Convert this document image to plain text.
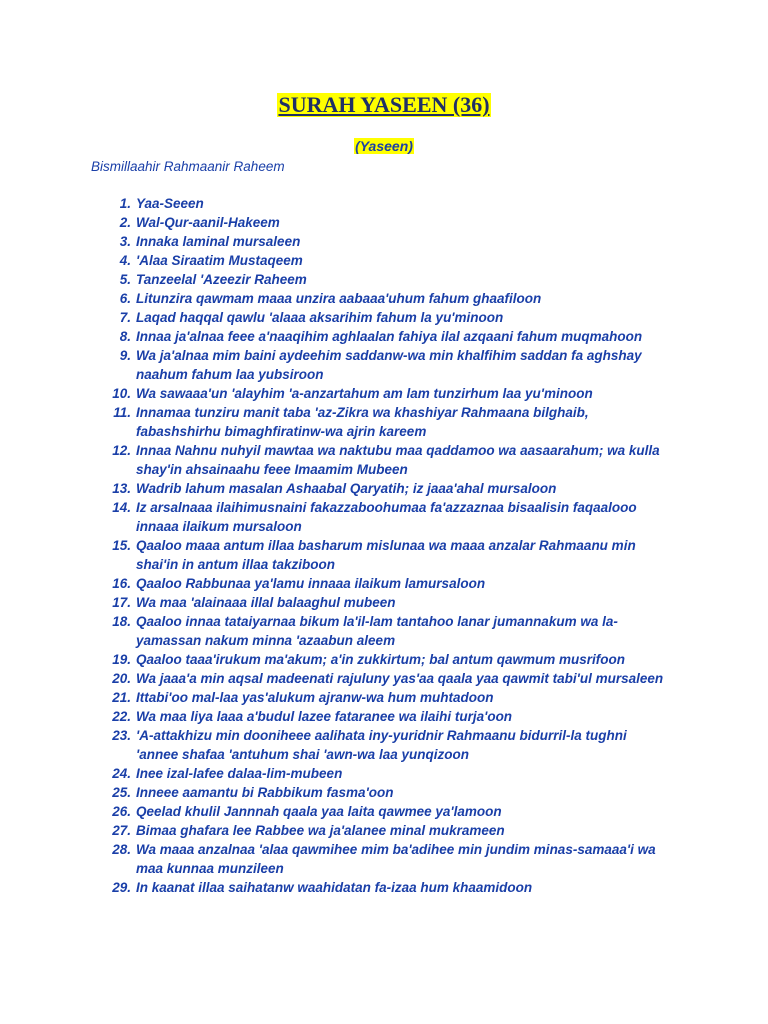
SURAH YASEEN (36)
(Yaseen)
Bismillaahir Rahmaanir Raheem
1. Yaa-Seeen
2. Wal-Qur-aanil-Hakeem
3. Innaka laminal mursaleen
4. 'Alaa Siraatim Mustaqeem
5. Tanzeelal 'Azeezir Raheem
6. Litunzira qawmam maaa unzira aabaaa'uhum fahum ghaafiloon
7. Laqad haqqal qawlu 'alaaa aksarihim fahum la yu'minoon
8. Innaa ja'alnaa feee a'naaqihim aghlaalan fahiya ilal azqaani fahum muqmahoon
9. Wa ja'alnaa mim baini aydeehim saddanw-wa min khalfihim saddan fa aghshay naahum fahum laa yubsiroon
10. Wa sawaaa'un 'alayhim 'a-anzartahum am lam tunzirhum laa yu'minoon
11. Innamaa tunziru manit taba 'az-Zikra wa khashiyar Rahmaana bilghaib, fabashshirhu bimaghfiratinw-wa ajrin kareem
12. Innaa Nahnu nuhyil mawtaa wa naktubu maa qaddamoo wa aasaarahum; wa kulla shay'in ahsainaahu feee Imaamim Mubeen
13. Wadrib lahum masalan Ashaabal Qaryatih; iz jaaa'ahal mursaloon
14. Iz arsalnaaa ilaihimusnaini fakazzaboohumaa fa'azzaznaa bisaalisin faqaalooo innaaa ilaikum mursaloon
15. Qaaloo maaa antum illaa basharum mislunaa wa maaa anzalar Rahmaanu min shai'in in antum illaa takziboon
16. Qaaloo Rabbunaa ya'lamu innaaa ilaikum lamursaloon
17. Wa maa 'alainaaa illal balaaghul mubeen
18. Qaaloo innaa tataiyarnaa bikum la'il-lam tantahoo lanar jumannakum wa la-yamassan nakum minna 'azaabun aleem
19. Qaaloo taaa'irukum ma'akum; a'in zukkirtum; bal antum qawmum musrifoon
20. Wa jaaa'a min aqsal madeenati rajuluny yas'aa qaala yaa qawmit tabi'ul mursaleen
21. Ittabi'oo mal-laa yas'alukum ajranw-wa hum muhtadoon
22. Wa maa liya laaa a'budul lazee fataranee wa ilaihi turja'oon
23. 'A-attakhizu min dooniheee aalihata iny-yuridnir Rahmaanu bidurril-la tughni 'annee shafaa 'antuhum shai 'awn-wa laa yunqizoon
24. Inee izal-lafee dalaa-lim-mubeen
25. Inneee aamantu bi Rabbikum fasma'oon
26. Qeelad khulil Jannnah qaala yaa laita qawmee ya'lamoon
27. Bimaa ghafara lee Rabbee wa ja'alanee minal mukrameen
28. Wa maaa anzalnaa 'alaa qawmihee mim ba'adihee min jundim minas-samaaa'i wa maa kunnaa munzileen
29. In kaanat illaa saihatanw waahidatan fa-izaa hum khaamidoon
